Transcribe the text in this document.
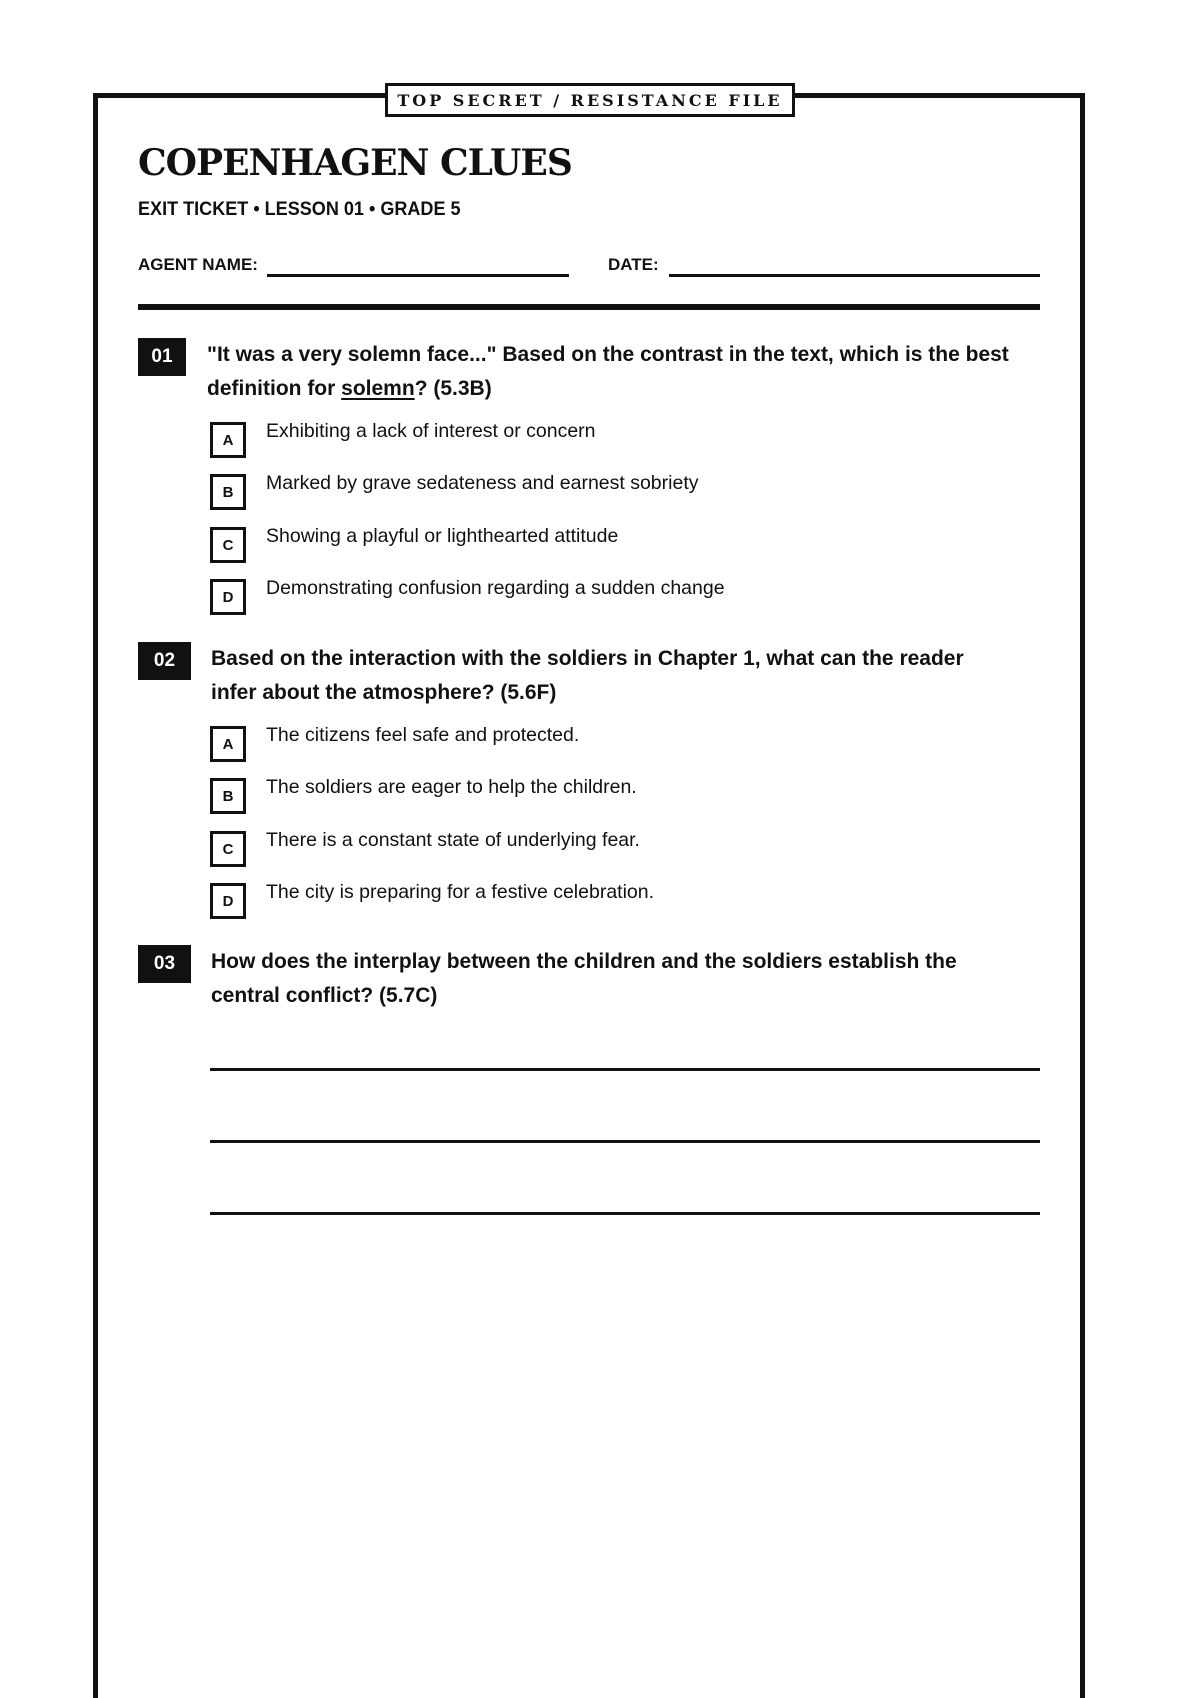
TOP SECRET / RESISTANCE FILE
COPENHAGEN CLUES
EXIT TICKET • LESSON 01 • GRADE 5
AGENT NAME:	DATE:
01	"It was a very solemn face..." Based on the contrast in the text, which is the best definition for solemn? (5.3B)
A	Exhibiting a lack of interest or concern
B	Marked by grave sedateness and earnest sobriety
C	Showing a playful or lighthearted attitude
D	Demonstrating confusion regarding a sudden change
02	Based on the interaction with the soldiers in Chapter 1, what can the reader infer about the atmosphere? (5.6F)
A	The citizens feel safe and protected.
B	The soldiers are eager to help the children.
C	There is a constant state of underlying fear.
D	The city is preparing for a festive celebration.
03	How does the interplay between the children and the soldiers establish the central conflict? (5.7C)
